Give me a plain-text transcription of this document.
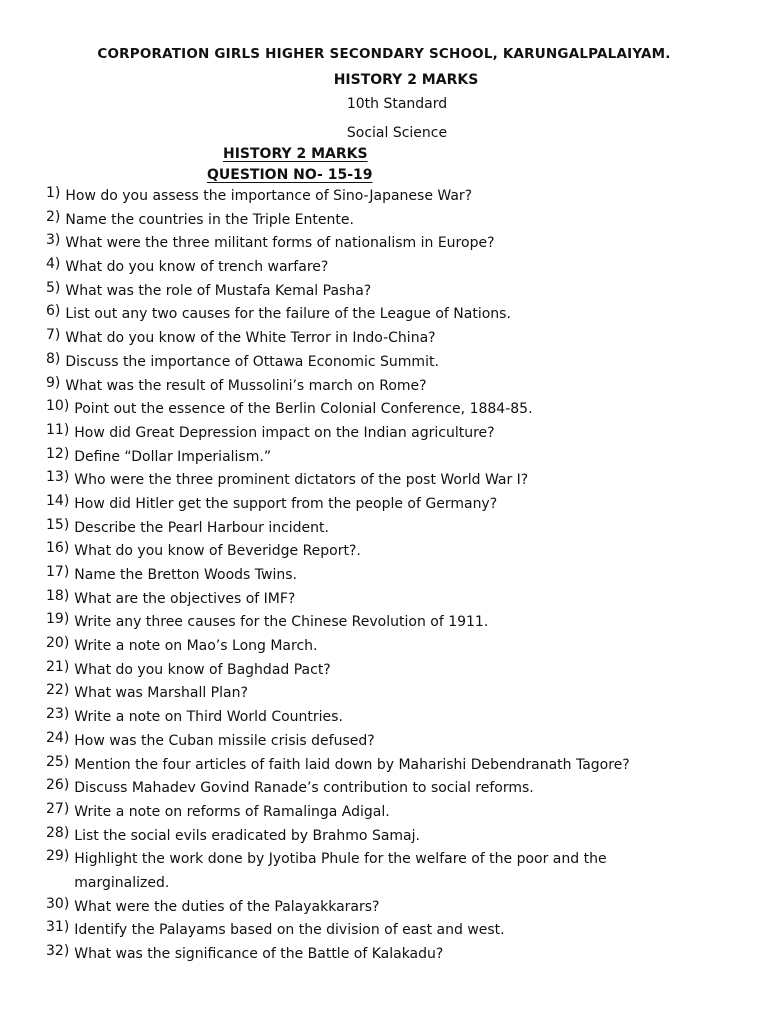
CORPORATION GIRLS HIGHER SECONDARY SCHOOL, KARUNGALPALAIYAM.
HISTORY 2 MARKS
10th Standard
Social Science
HISTORY 2 MARKS
QUESTION NO- 15-19
1) How do you assess the importance of Sino-Japanese War?
2) Name the countries in the Triple Entente.
3) What were the three militant forms of nationalism in Europe?
4) What do you know of trench warfare?
5) What was the role of Mustafa Kemal Pasha?
6) List out any two causes for the failure of the League of Nations.
7) What do you know of the White Terror in Indo-China?
8) Discuss the importance of Ottawa Economic Summit.
9) What was the result of Mussolini’s march on Rome?
10) Point out the essence of the Berlin Colonial Conference, 1884-85.
11) How did Great Depression impact on the Indian agriculture?
12) Define “Dollar Imperialism.”
13) Who were the three prominent dictators of the post World War I?
14) How did Hitler get the support from the people of Germany?
15) Describe the Pearl Harbour incident.
16) What do you know of Beveridge Report?.
17) Name the Bretton Woods Twins.
18) What are the objectives of IMF?
19) Write any three causes for the Chinese Revolution of 1911.
20) Write a note on Mao’s Long March.
21) What do you know of Baghdad Pact?
22) What was Marshall Plan?
23) Write a note on Third World Countries.
24) How was the Cuban missile crisis defused?
25) Mention the four articles of faith laid down by Maharishi Debendranath Tagore?
26) Discuss Mahadev Govind Ranade’s contribution to social reforms.
27) Write a note on reforms of Ramalinga Adigal.
28) List the social evils eradicated by Brahmo Samaj.
29) Highlight the work done by Jyotiba Phule for the welfare of the poor and the marginalized.
30) What were the duties of the Palayakkarars?
31) Identify the Palayams based on the division of east and west.
32) What was the significance of the Battle of Kalakadu?
